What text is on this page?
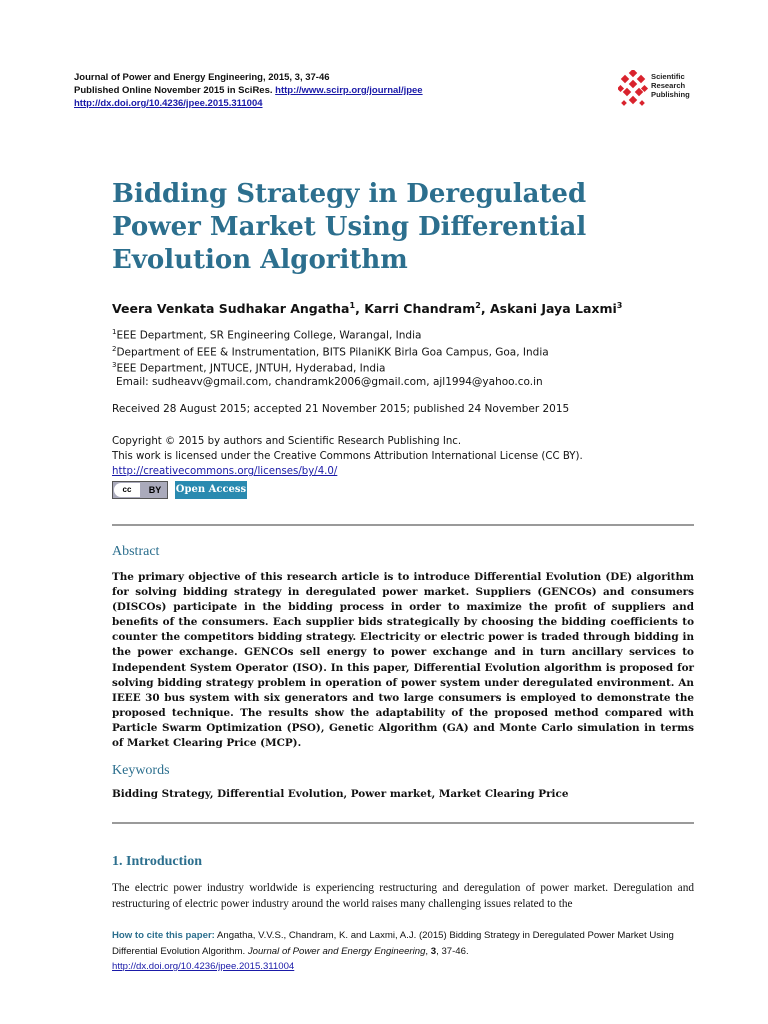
Journal of Power and Energy Engineering, 2015, 3, 37-46
Published Online November 2015 in SciRes. http://www.scirp.org/journal/jpee
http://dx.doi.org/10.4236/jpee.2015.311004
Scientific
Research
Publishing
Bidding Strategy in Deregulated Power Market Using Differential Evolution Algorithm
Veera Venkata Sudhakar Angatha$^1$, Karri Chandram$^2$, Askani Jaya Laxmi$^3$
$^1$EEE Department, SR Engineering College, Warangal, India
$^2$Department of EEE & Instrumentation, BITS PilaniKK Birla Goa Campus, Goa, India
$^3$EEE Department, JNTUCE, JNTUH, Hyderabad, India
Email: sudheavv@gmail.com, chandramk2006@gmail.com, ajl1994@yahoo.co.in
Received 28 August 2015; accepted 21 November 2015; published 24 November 2015
Copyright © 2015 by authors and Scientific Research Publishing Inc.
This work is licensed under the Creative Commons Attribution International License (CC BY).
http://creativecommons.org/licenses/by/4.0/
cc	BY	Open Access
Abstract
The primary objective of this research article is to introduce Differential Evolution (DE) algorithm for solving bidding strategy in deregulated power market. Suppliers (GENCOs) and consumers (DISCOs) participate in the bidding process in order to maximize the profit of suppliers and benefits of the consumers. Each supplier bids strategically by choosing the bidding coefficients to counter the competitors bidding strategy. Electricity or electric power is traded through bidding in the power exchange. GENCOs sell energy to power exchange and in turn ancillary services to Independent System Operator (ISO). In this paper, Differential Evolution algorithm is proposed for solving bidding strategy problem in operation of power system under deregulated environment. An IEEE 30 bus system with six generators and two large consumers is employed to demonstrate the proposed technique. The results show the adaptability of the proposed method compared with Particle Swarm Optimization (PSO), Genetic Algorithm (GA) and Monte Carlo simulation in terms of Market Clearing Price (MCP).
Keywords
Bidding Strategy, Differential Evolution, Power market, Market Clearing Price
1. Introduction
The electric power industry worldwide is experiencing restructuring and deregulation of power market. Deregulation and restructuring of electric power industry around the world raises many challenging issues related to the
How to cite this paper: Angatha, V.V.S., Chandram, K. and Laxmi, A.J. (2015) Bidding Strategy in Deregulated Power Market Using Differential Evolution Algorithm. Journal of Power and Energy Engineering, 3, 37-46.
http://dx.doi.org/10.4236/jpee.2015.311004
